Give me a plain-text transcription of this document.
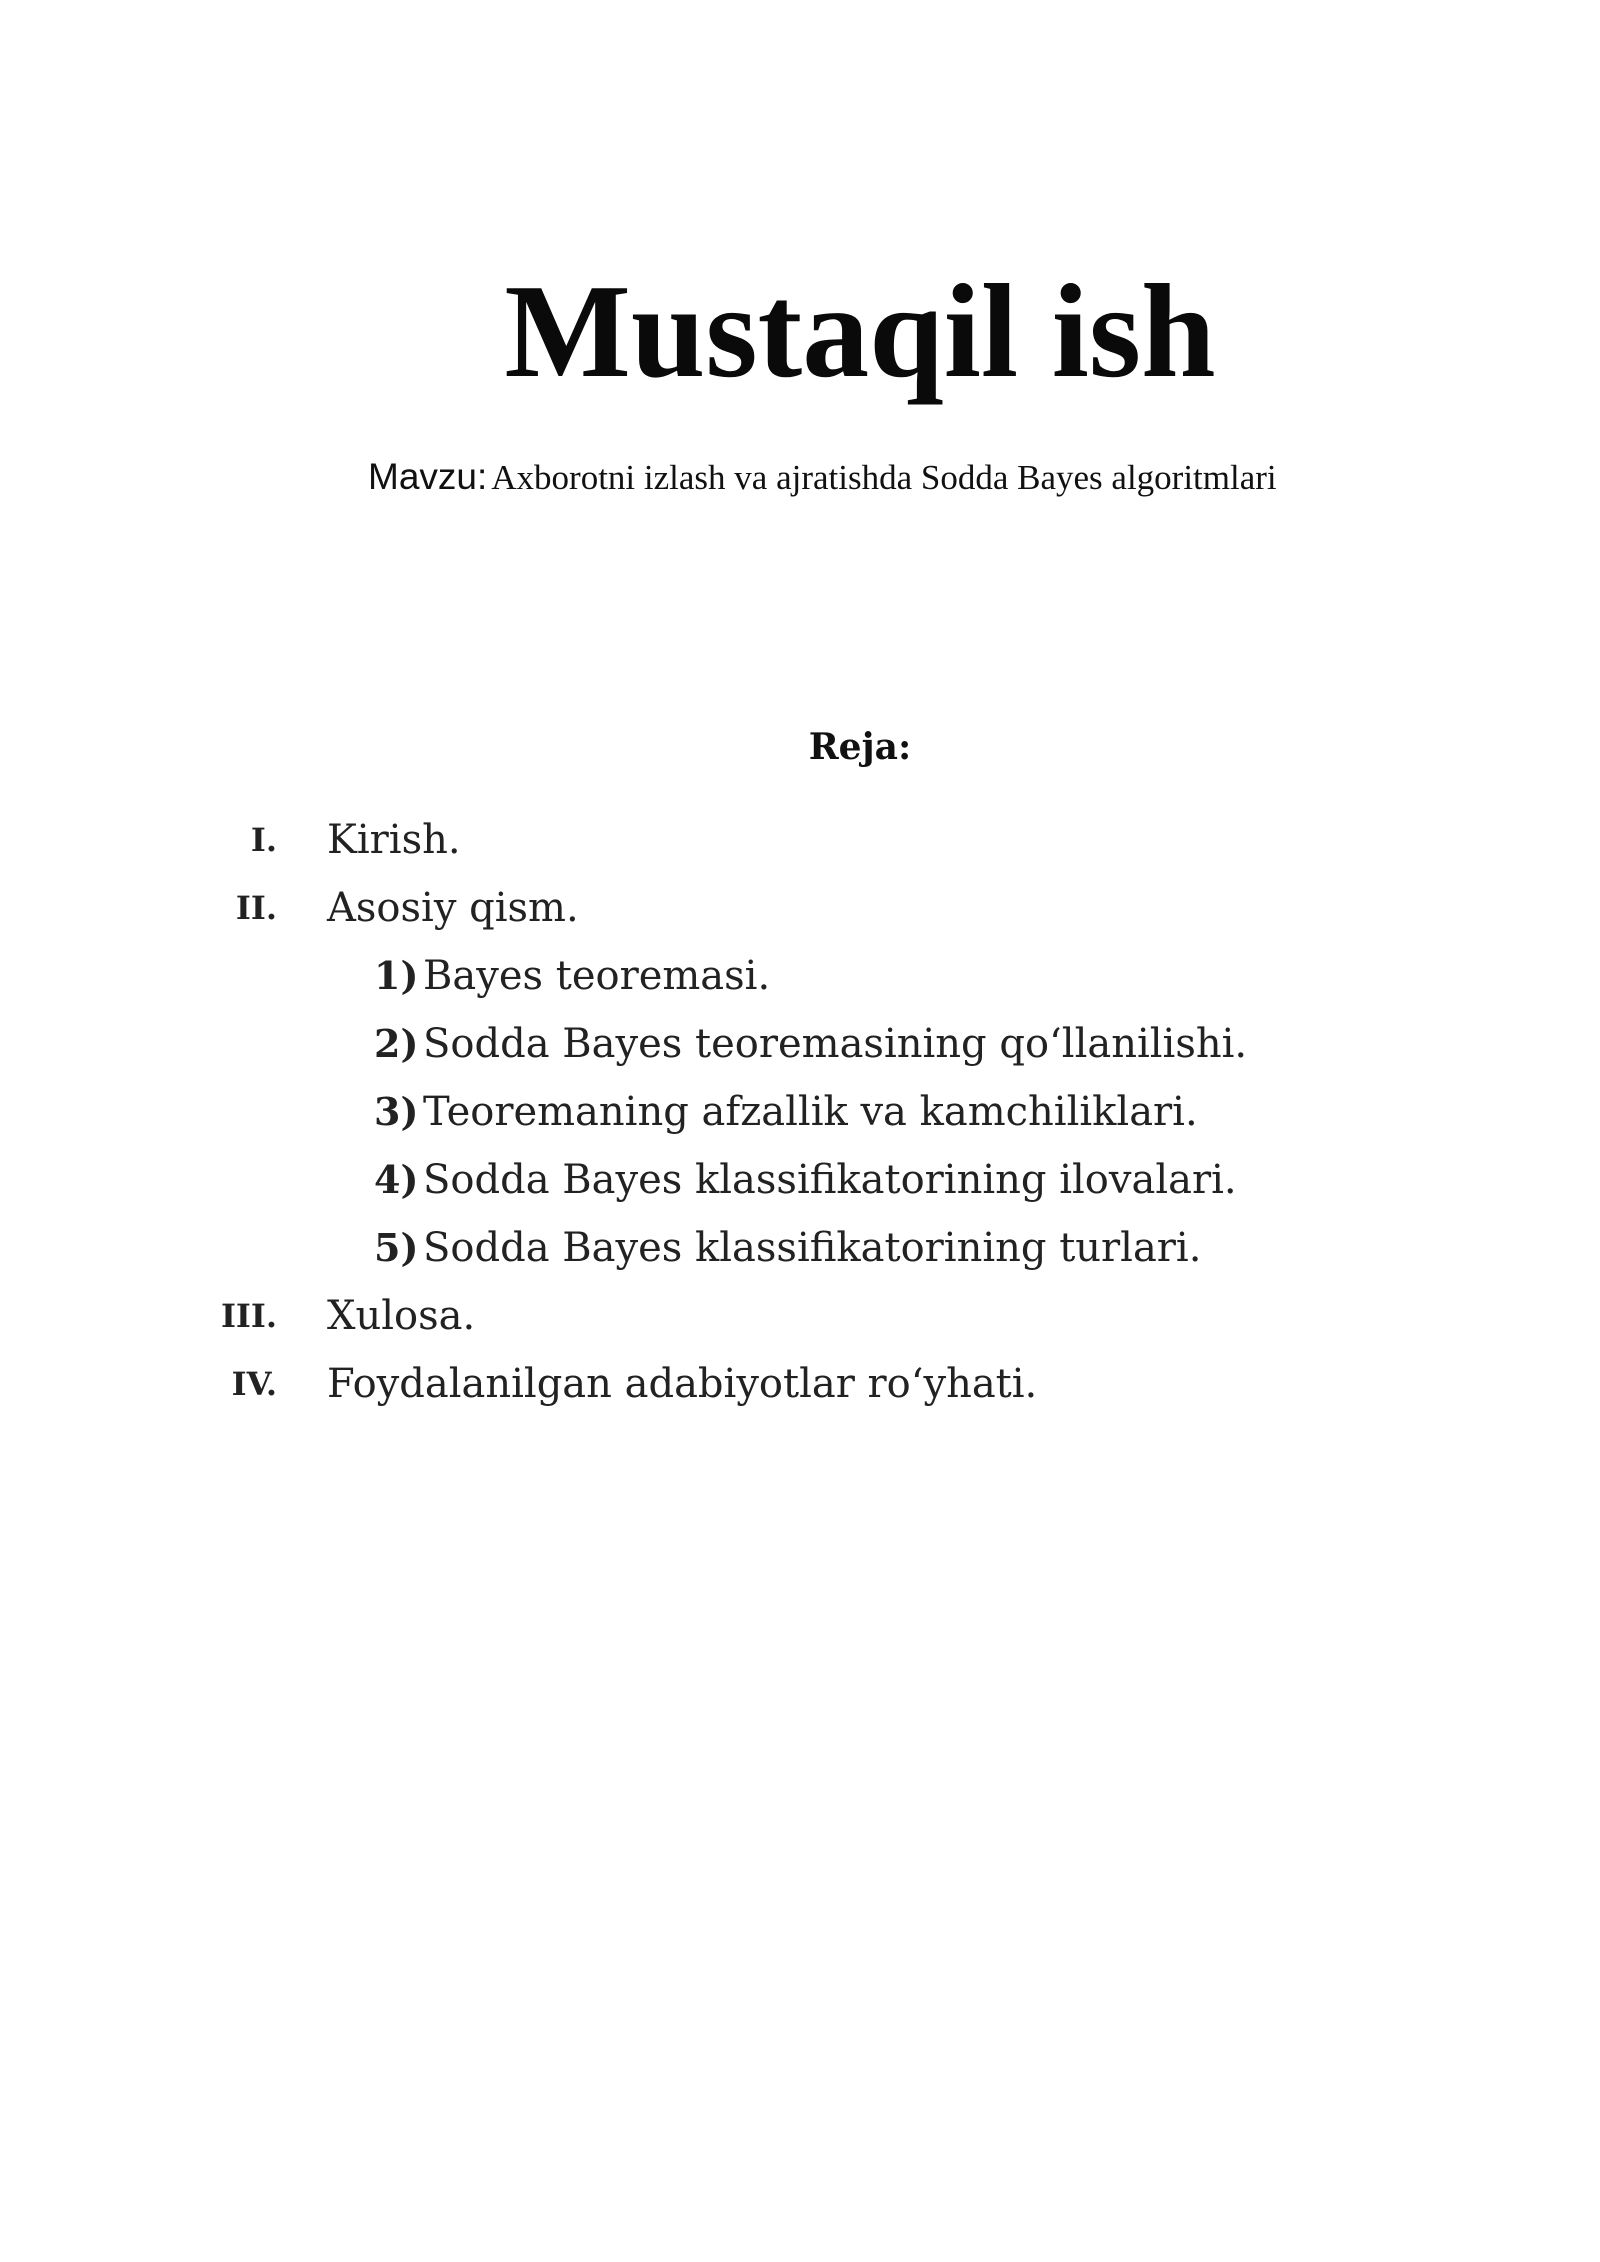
Mustaqil ish
Mavzu: Axborotni izlash va ajratishda Sodda Bayes algoritmlari
Reja:
I. Kirish.
II. Asosiy qism.
1) Bayes teoremasi.
2) Sodda Bayes teoremasining qo‘llanilishi.
3) Teoremaning afzallik va kamchiliklari.
4) Sodda Bayes klassifikatorining ilovalari.
5) Sodda Bayes klassifikatorining turlari.
III. Xulosa.
IV. Foydalanilgan adabiyotlar ro‘yhati.
